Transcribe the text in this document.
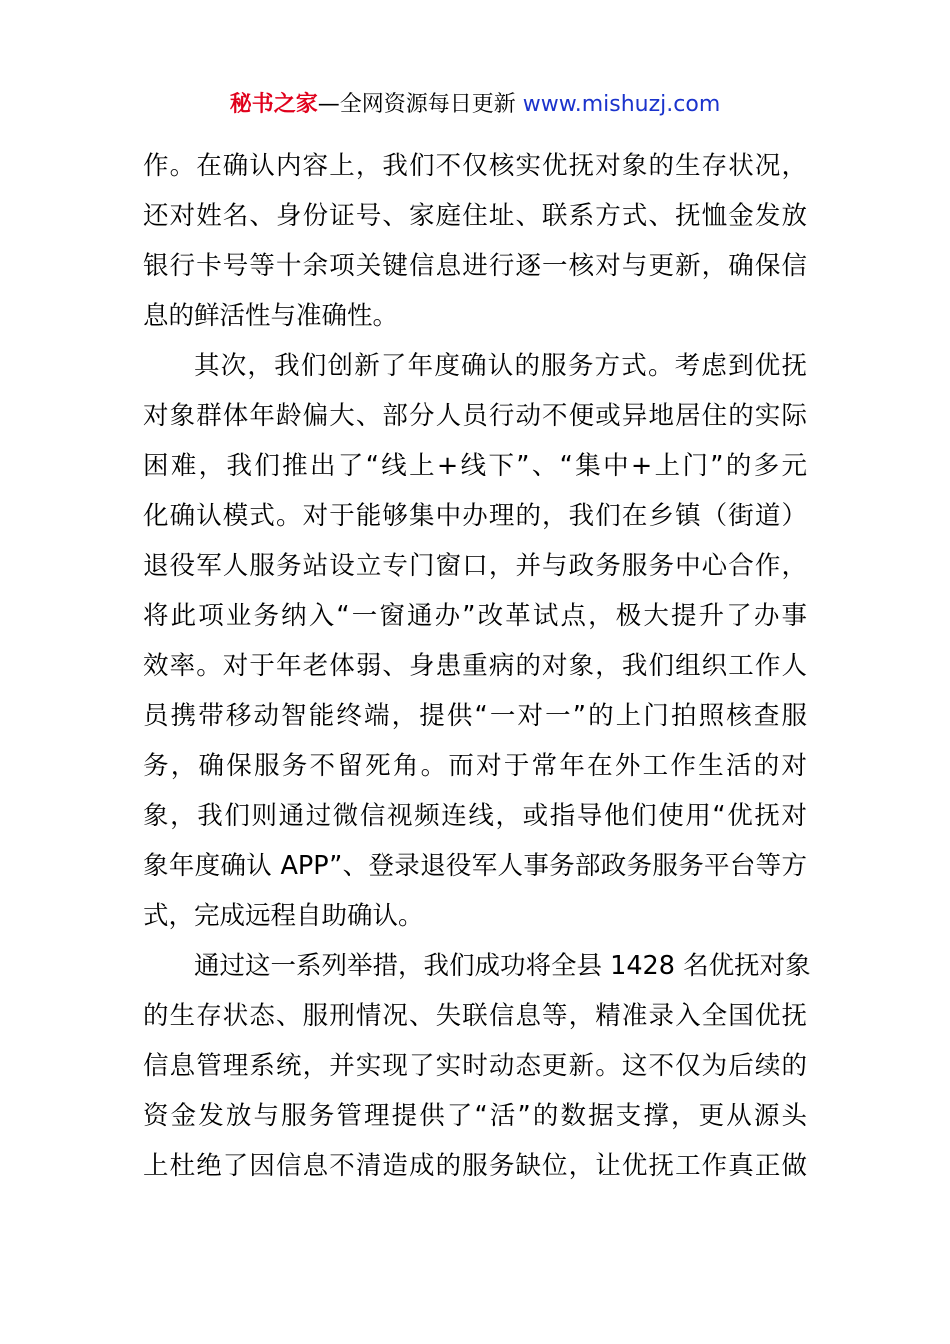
秘书之家—全网资源每日更新 www.mishuzj.com
作。在确认内容上，我们不仅核实优抚对象的生存状况，
还对姓名、身份证号、家庭住址、联系方式、抚恤金发放
银行卡号等十余项关键信息进行逐一核对与更新，确保信
息的鲜活性与准确性。
其次，我们创新了年度确认的服务方式。考虑到优抚
对象群体年龄偏大、部分人员行动不便或异地居住的实际
困难，我们推出了“线上+线下”、“集中+上门”的多元
化确认模式。对于能够集中办理的，我们在乡镇（街道）
退役军人服务站设立专门窗口，并与政务服务中心合作，
将此项业务纳入“一窗通办”改革试点，极大提升了办事
效率。对于年老体弱、身患重病的对象，我们组织工作人
员携带移动智能终端，提供“一对一”的上门拍照核查服
务，确保服务不留死角。而对于常年在外工作生活的对
象，我们则通过微信视频连线，或指导他们使用“优抚对
象年度确认 APP”、登录退役军人事务部政务服务平台等方
式，完成远程自助确认。
通过这一系列举措，我们成功将全县 1428 名优抚对象
的生存状态、服刑情况、失联信息等，精准录入全国优抚
信息管理系统，并实现了实时动态更新。这不仅为后续的
资金发放与服务管理提供了“活”的数据支撑，更从源头
上杜绝了因信息不清造成的服务缺位，让优抚工作真正做
